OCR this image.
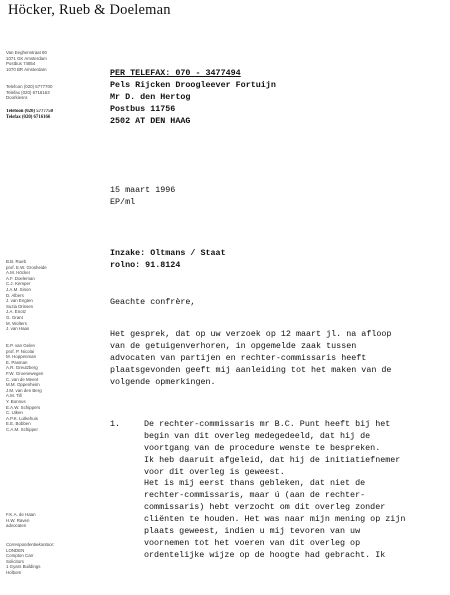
Höcker, Rueb & Doeleman
Van Eeghenstraat 80
1071 GK Amsterdam
Postbus 74854
1070 BR Amsterdam
Telefoon (020) 5777700
Telefax (020) 6716163
Doorkiesnr.
Telefoon (020) 5777750
Telefax (020) 6716166
B.B. Rueb
prof. E.W. Grosheide
A.M. Höcker
A.F. Doeleman
C.J. Kemper
J.A.M. Sinon
D. Albers
J. van Engten
Suzia Drissen
J.A. Enotz
G. Grant
M. Wolters
J. van Haas
E.P. van Gelen
prof. P. Nicolai
M. Hoppenman
E. Pasman
A.R. Greutzberg
F.W. Groenewegen
C. van de Meent
M.M. Oppenheim
J.M. van den Berg
A.M. Till
Y. Bonnus
E.A.W. Schippers
C. Uiken
A.P.K. Lutkehuis
E.E. Bobben
C.A.M. Schipper
F.K.A. de Haan
H.W. Raven
advocaten
Correspondentiekantoor:
LONDEN
Compton Carr
Solicitors
1 Gyars Buildings
Holborn
PER TELEFAX: 070 - 3477494
Pels Rijcken Droogleever Fortuijn
Mr D. den Hertog
Postbus 11756
2502 AT DEN HAAG
15 maart 1996
EP/ml
Inzake: Oltmans / Staat
rolno: 91.8124
Geachte confrère,
Het gesprek, dat op uw verzoek op 12 maart jl. na afloop
van de getuigenverhoren, in opgemelde zaak tussen
advocaten van partijen en rechter-commissaris heeft
plaatsgevonden geeft mij aanleiding tot het maken van de
volgende opmerkingen.
1.	De rechter-commissaris mr B.C. Punt heeft bij het
begin van dit overleg medegedeeld, dat hij de
voortgang van de procedure wenste te bespreken.
Ik heb daaruit afgeleid, dat hij de initiatiefnemer
voor dit overleg is geweest.
Het is mij eerst thans gebleken, dat niet de
rechter-commissaris, maar ú (aan de rechter-
commissaris) hebt verzocht om dit overleg zonder
cliënten te houden. Het was naar mijn mening op zijn
plaats geweest, indien u mij tevoren van uw
voornemen tot het voeren van dit overleg op
ordentelijke wijze op de hoogte had gebracht. Ik
